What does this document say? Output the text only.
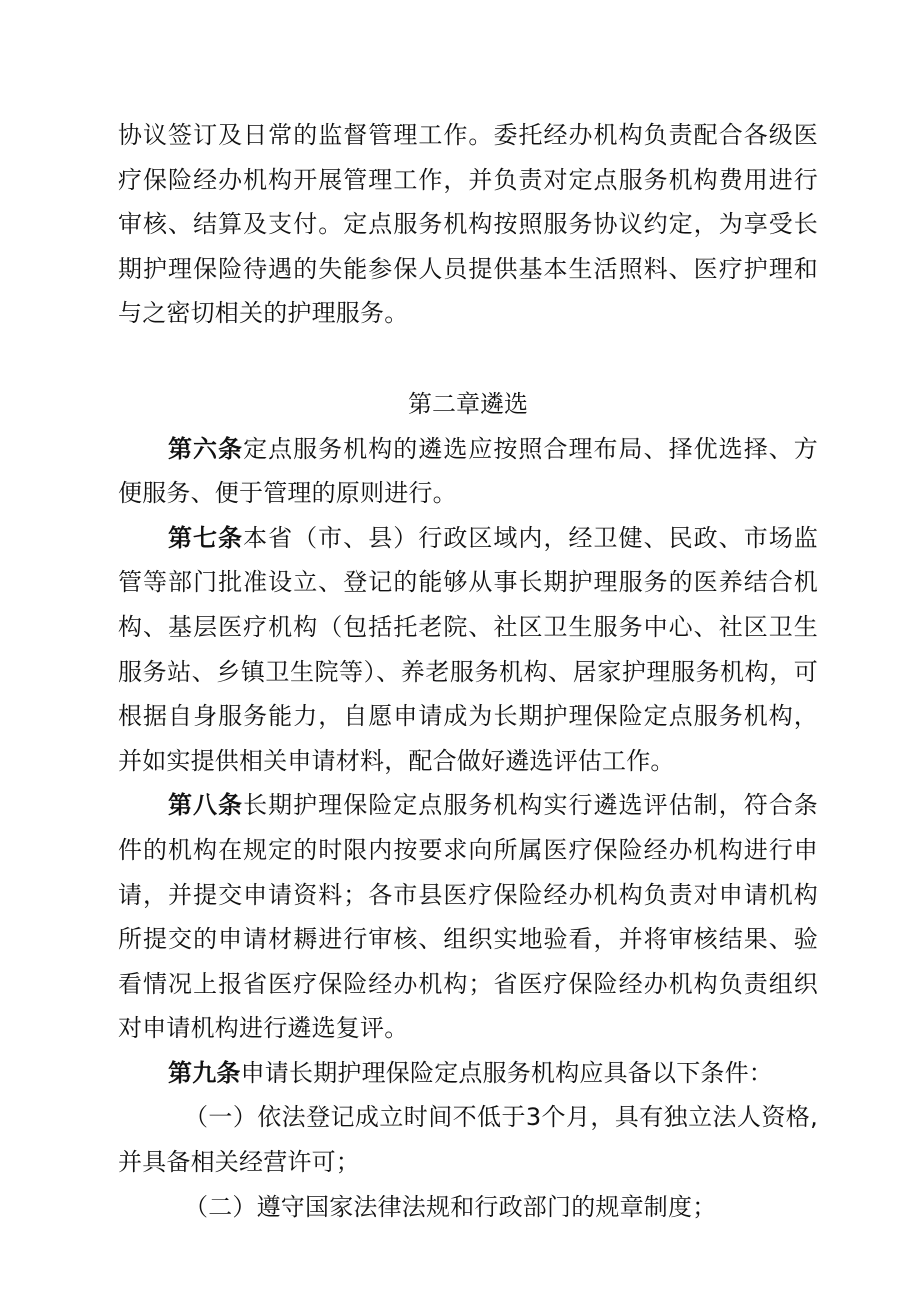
协议签订及日常的监督管理工作。委托经办机构负责配合各级医疗保险经办机构开展管理工作，并负责对定点服务机构费用进行审核、结算及支付。定点服务机构按照服务协议约定，为享受长期护理保险待遇的失能参保人员提供基本生活照料、医疗护理和与之密切相关的护理服务。

第二章遴选

第六条定点服务机构的遴选应按照合理布局、择优选择、方便服务、便于管理的原则进行。

第七条本省（市、县）行政区域内，经卫健、民政、市场监管等部门批准设立、登记的能够从事长期护理服务的医养结合机构、基层医疗机构（包括托老院、社区卫生服务中心、社区卫生服务站、乡镇卫生院等）、养老服务机构、居家护理服务机构，可根据自身服务能力，自愿申请成为长期护理保险定点服务机构，并如实提供相关申请材料，配合做好遴选评估工作。

第八条长期护理保险定点服务机构实行遴选评估制，符合条件的机构在规定的时限内按要求向所属医疗保险经办机构进行申请，并提交申请资料；各市县医疗保险经办机构负责对申请机构所提交的申请材耨进行审核、组织实地验看，并将审核结果、验看情况上报省医疗保险经办机构；省医疗保险经办机构负责组织对申请机构进行遴选复评。

第九条申请长期护理保险定点服务机构应具备以下条件：

（一）依法登记成立时间不低于3个月，具有独立法人资格,并具备相关经营许可；

（二）遵守国家法律法规和行政部门的规章制度；
